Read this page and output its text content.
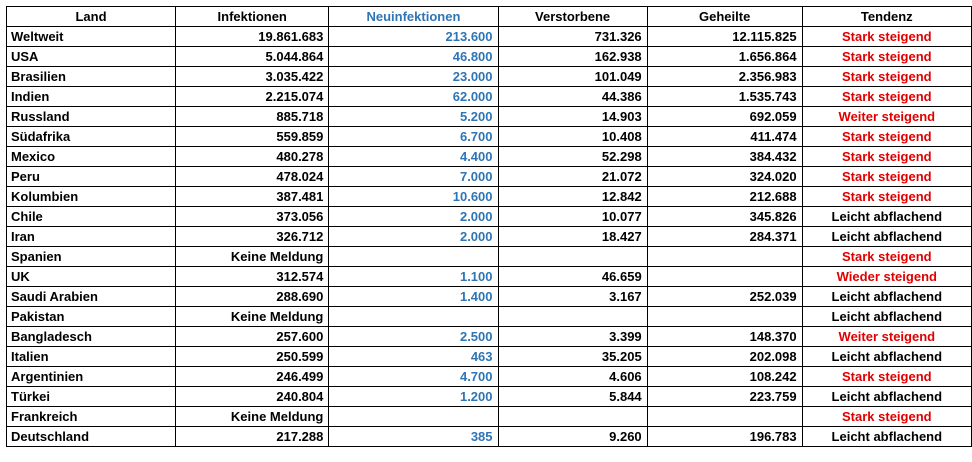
Land	Infektionen	Neuinfektionen	Verstorbene	Geheilte	Tendenz
Weltweit	19.861.683	213.600	731.326	12.115.825	Stark steigend
USA	5.044.864	46.800	162.938	1.656.864	Stark steigend
Brasilien	3.035.422	23.000	101.049	2.356.983	Stark steigend
Indien	2.215.074	62.000	44.386	1.535.743	Stark steigend
Russland	885.718	5.200	14.903	692.059	Weiter steigend
Südafrika	559.859	6.700	10.408	411.474	Stark steigend
Mexico	480.278	4.400	52.298	384.432	Stark steigend
Peru	478.024	7.000	21.072	324.020	Stark steigend
Kolumbien	387.481	10.600	12.842	212.688	Stark steigend
Chile	373.056	2.000	10.077	345.826	Leicht abflachend
Iran	326.712	2.000	18.427	284.371	Leicht abflachend
Spanien	Keine Meldung				Stark steigend
UK	312.574	1.100	46.659		Wieder steigend
Saudi Arabien	288.690	1.400	3.167	252.039	Leicht abflachend
Pakistan	Keine Meldung				Leicht abflachend
Bangladesch	257.600	2.500	3.399	148.370	Weiter steigend
Italien	250.599	463	35.205	202.098	Leicht abflachend
Argentinien	246.499	4.700	4.606	108.242	Stark steigend
Türkei	240.804	1.200	5.844	223.759	Leicht abflachend
Frankreich	Keine Meldung				Stark steigend
Deutschland	217.288	385	9.260	196.783	Leicht abflachend
